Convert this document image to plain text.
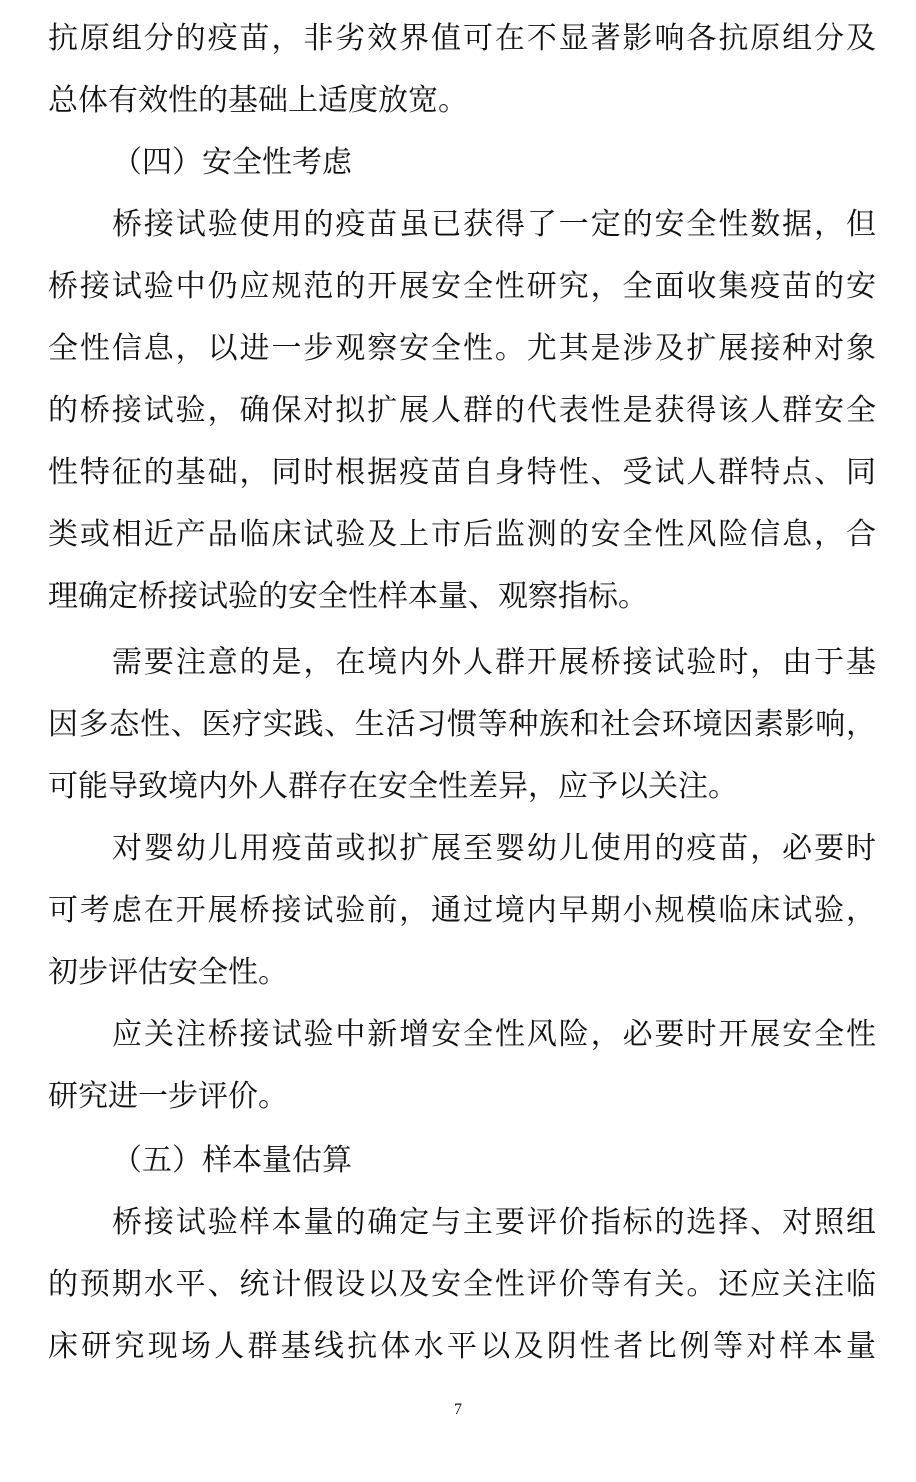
抗原组分的疫苗，非劣效界值可在不显著影响各抗原组分及
总体有效性的基础上适度放宽。
（四）安全性考虑
桥接试验使用的疫苗虽已获得了一定的安全性数据，但
桥接试验中仍应规范的开展安全性研究，全面收集疫苗的安
全性信息，以进一步观察安全性。尤其是涉及扩展接种对象
的桥接试验，确保对拟扩展人群的代表性是获得该人群安全
性特征的基础，同时根据疫苗自身特性、受试人群特点、同
类或相近产品临床试验及上市后监测的安全性风险信息，合
理确定桥接试验的安全性样本量、观察指标。
需要注意的是，在境内外人群开展桥接试验时，由于基
因多态性、医疗实践、生活习惯等种族和社会环境因素影响，
可能导致境内外人群存在安全性差异，应予以关注。
对婴幼儿用疫苗或拟扩展至婴幼儿使用的疫苗，必要时
可考虑在开展桥接试验前，通过境内早期小规模临床试验，
初步评估安全性。
应关注桥接试验中新增安全性风险，必要时开展安全性
研究进一步评价。
（五）样本量估算
桥接试验样本量的确定与主要评价指标的选择、对照组
的预期水平、统计假设以及安全性评价等有关。还应关注临
床研究现场人群基线抗体水平以及阴性者比例等对样本量
7
